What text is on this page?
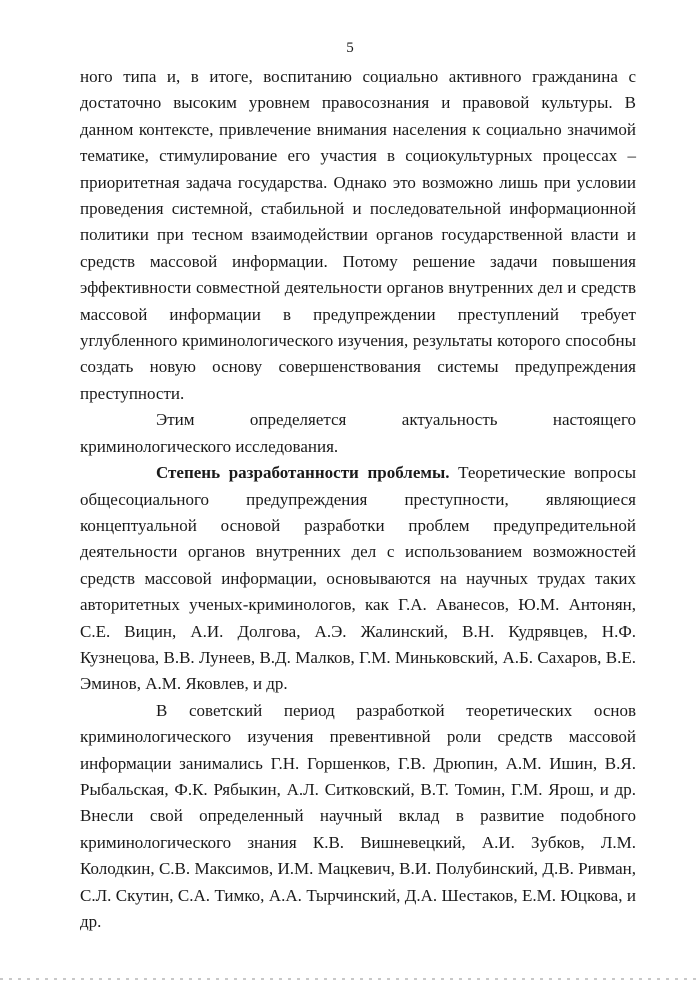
5

ного типа и, в итоге, воспитанию социально активного гражданина с достаточно высоким уровнем правосознания и правовой культуры. В данном контексте, привлечение внимания населения к социально значимой тематике, стимулирование его участия в социокультурных процессах – приоритетная задача государства. Однако это возможно лишь при условии проведения системной, стабильной и последовательной информационной политики при тесном взаимодействии органов государственной власти и средств массовой информации. Потому решение задачи повышения эффективности совместной деятельности органов внутренних дел и средств массовой информации в предупреждении преступлений требует углубленного криминологического изучения, результаты которого способны создать новую основу совершенствования системы предупреждения преступности.

Этим определяется актуальность настоящего криминологического исследования.

Степень разработанности проблемы. Теоретические вопросы общесоциального предупреждения преступности, являющиеся концептуальной основой разработки проблем предупредительной деятельности органов внутренних дел с использованием возможностей средств массовой информации, основываются на научных трудах таких авторитетных ученых-криминологов, как Г.А. Аванесов, Ю.М. Антонян, С.Е. Вицин, А.И. Долгова, А.Э. Жалинский, В.Н. Кудрявцев, Н.Ф. Кузнецова, В.В. Лунеев, В.Д. Малков, Г.М. Миньковский, А.Б. Сахаров, В.Е. Эминов, А.М. Яковлев, и др.

В советский период разработкой теоретических основ криминологического изучения превентивной роли средств массовой информации занимались Г.Н. Горшенков, Г.В. Дрюпин, А.М. Ишин, В.Я. Рыбальская, Ф.К. Рябыкин, А.Л. Ситковский, В.Т. Томин, Г.М. Ярош, и др. Внесли свой определенный научный вклад в развитие подобного криминологического знания К.В. Вишневецкий, А.И. Зубков, Л.М. Колодкин, С.В. Максимов, И.М. Мацкевич, В.И. Полубинский, Д.В. Ривман, С.Л. Скутин, С.А. Тимко, А.А. Тырчинский, Д.А. Шестаков, Е.М. Юцкова, и др.
